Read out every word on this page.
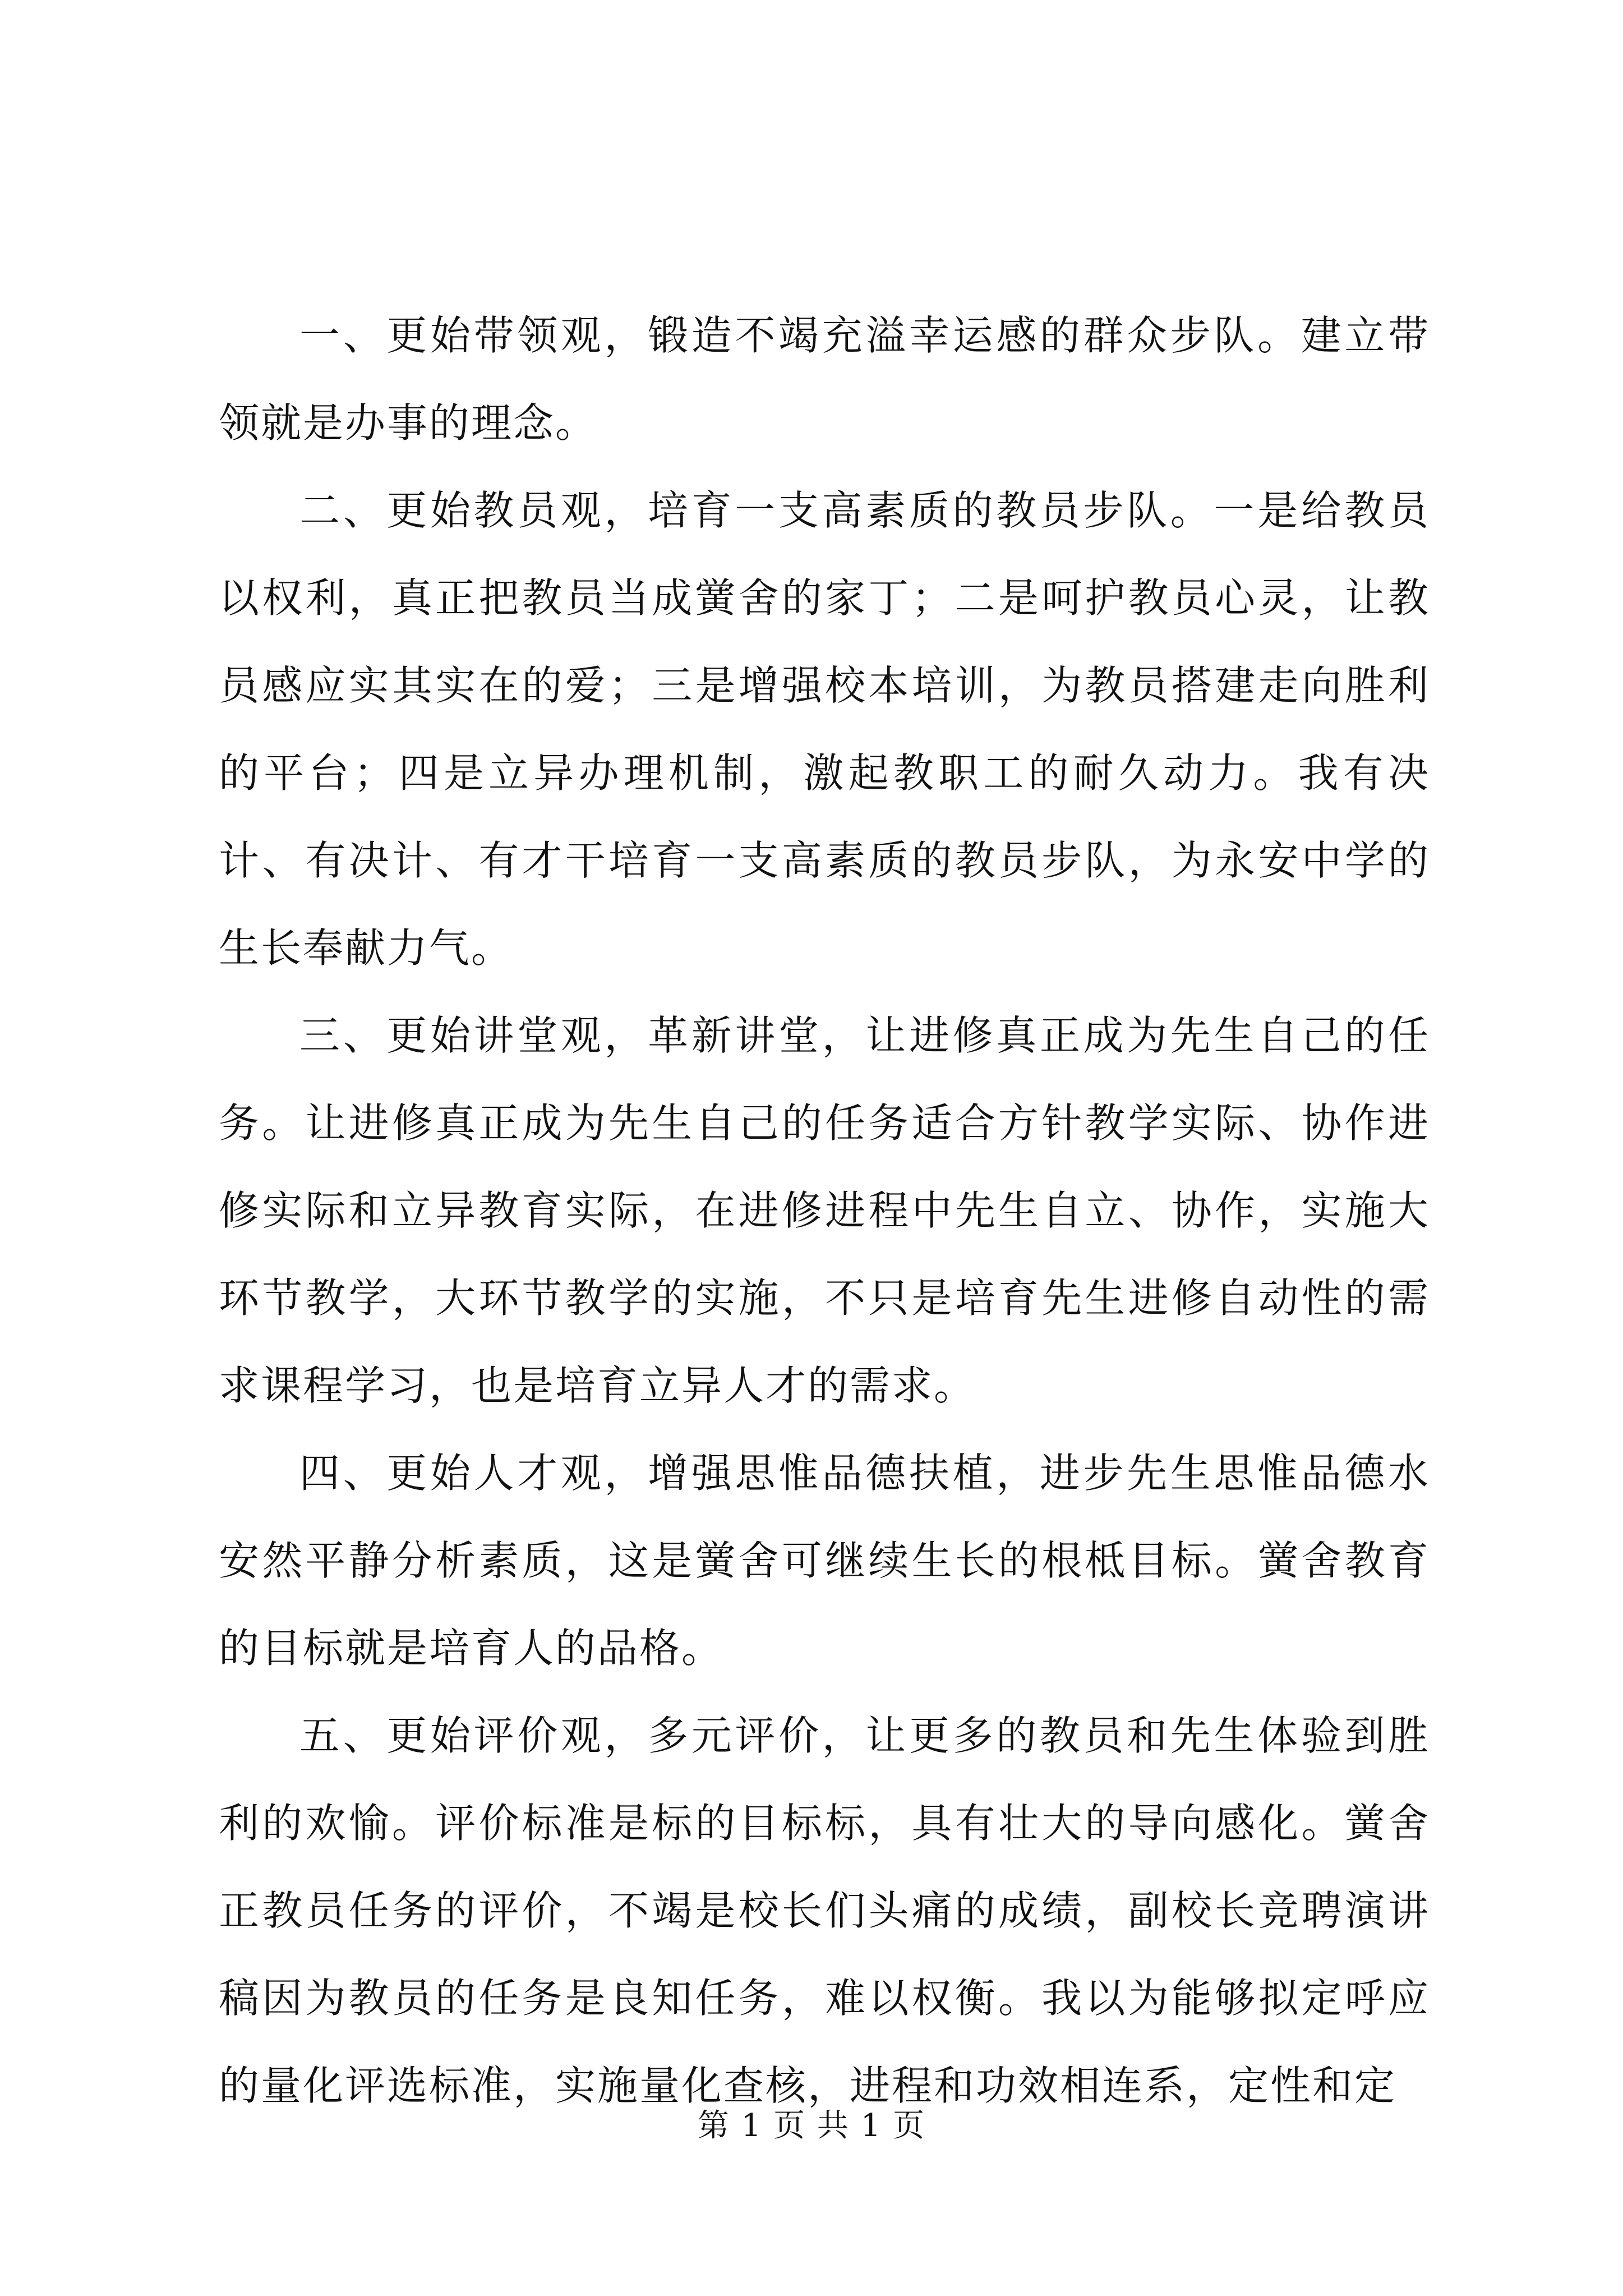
一、更始带领观，锻造不竭充溢幸运感的群众步队。建立带领就是办事的理念。

二、更始教员观，培育一支高素质的教员步队。一是给教员以权利，真正把教员当成黉舍的家丁；二是呵护教员心灵，让教员感应实其实在的爱；三是增强校本培训，为教员搭建走向胜利的平台；四是立异办理机制，激起教职工的耐久动力。我有决计、有决计、有才干培育一支高素质的教员步队，为永安中学的生长奉献力气。

三、更始讲堂观，革新讲堂，让进修真正成为先生自己的任务。让进修真正成为先生自己的任务适合方针教学实际、协作进修实际和立异教育实际，在进修进程中先生自立、协作，实施大环节教学，大环节教学的实施，不只是培育先生进修自动性的需求课程学习，也是培育立异人才的需求。

四、更始人才观，增强思惟品德扶植，进步先生思惟品德水安然平静分析素质，这是黉舍可继续生长的根柢目标。黉舍教育的目标就是培育人的品格。

五、更始评价观，多元评价，让更多的教员和先生体验到胜利的欢愉。评价标准是标的目标标，具有壮大的导向感化。黉舍正教员任务的评价，不竭是校长们头痛的成绩，副校长竞聘演讲稿因为教员的任务是良知任务，难以权衡。我以为能够拟定呼应的量化评选标准，实施量化查核，进程和功效相连系，定性和定

第 1 页 共 1 页
